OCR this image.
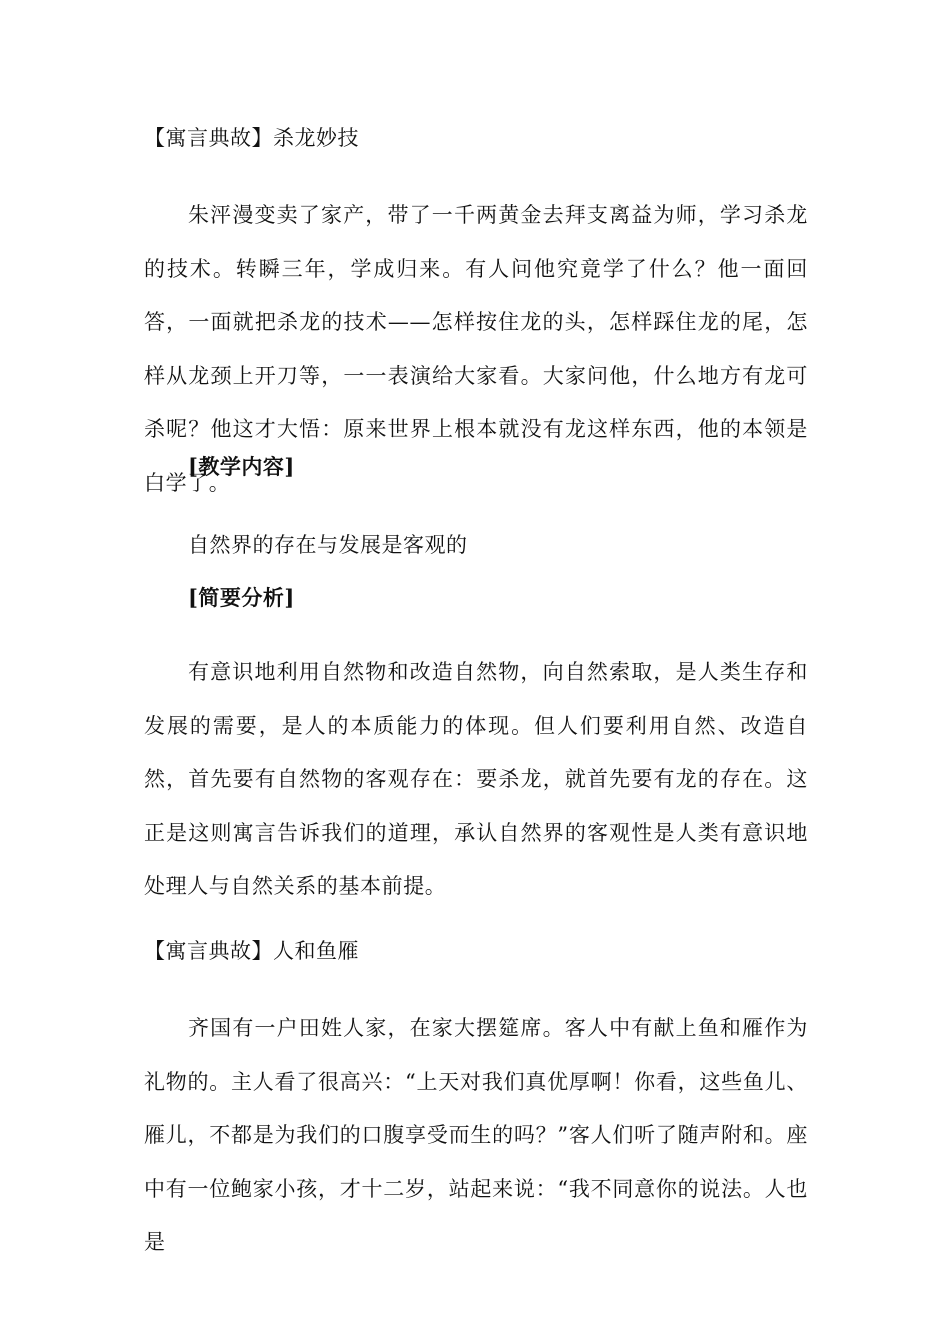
【寓言典故】杀龙妙技

朱泙漫变卖了家产，带了一千两黄金去拜支离益为师，学习杀龙的技术。转瞬三年，学成归来。有人问他究竟学了什么？他一面回答，一面就把杀龙的技术——怎样按住龙的头，怎样踩住龙的尾，怎样从龙颈上开刀等，一一表演给大家看。大家问他，什么地方有龙可杀呢？他这才大悟：原来世界上根本就没有龙这样东西，他的本领是白学了。

[教学内容]
自然界的存在与发展是客观的
[简要分析]

有意识地利用自然物和改造自然物，向自然索取，是人类生存和发展的需要，是人的本质能力的体现。但人们要利用自然、改造自然，首先要有自然物的客观存在：要杀龙，就首先要有龙的存在。这正是这则寓言告诉我们的道理，承认自然界的客观性是人类有意识地处理人与自然关系的基本前提。

【寓言典故】人和鱼雁

齐国有一户田姓人家，在家大摆筵席。客人中有献上鱼和雁作为礼物的。主人看了很高兴：“上天对我们真优厚啊！你看，这些鱼儿、雁儿，不都是为我们的口腹享受而生的吗？”客人们听了随声附和。座中有一位鲍家小孩，才十二岁，站起来说：“我不同意你的说法。人也是
